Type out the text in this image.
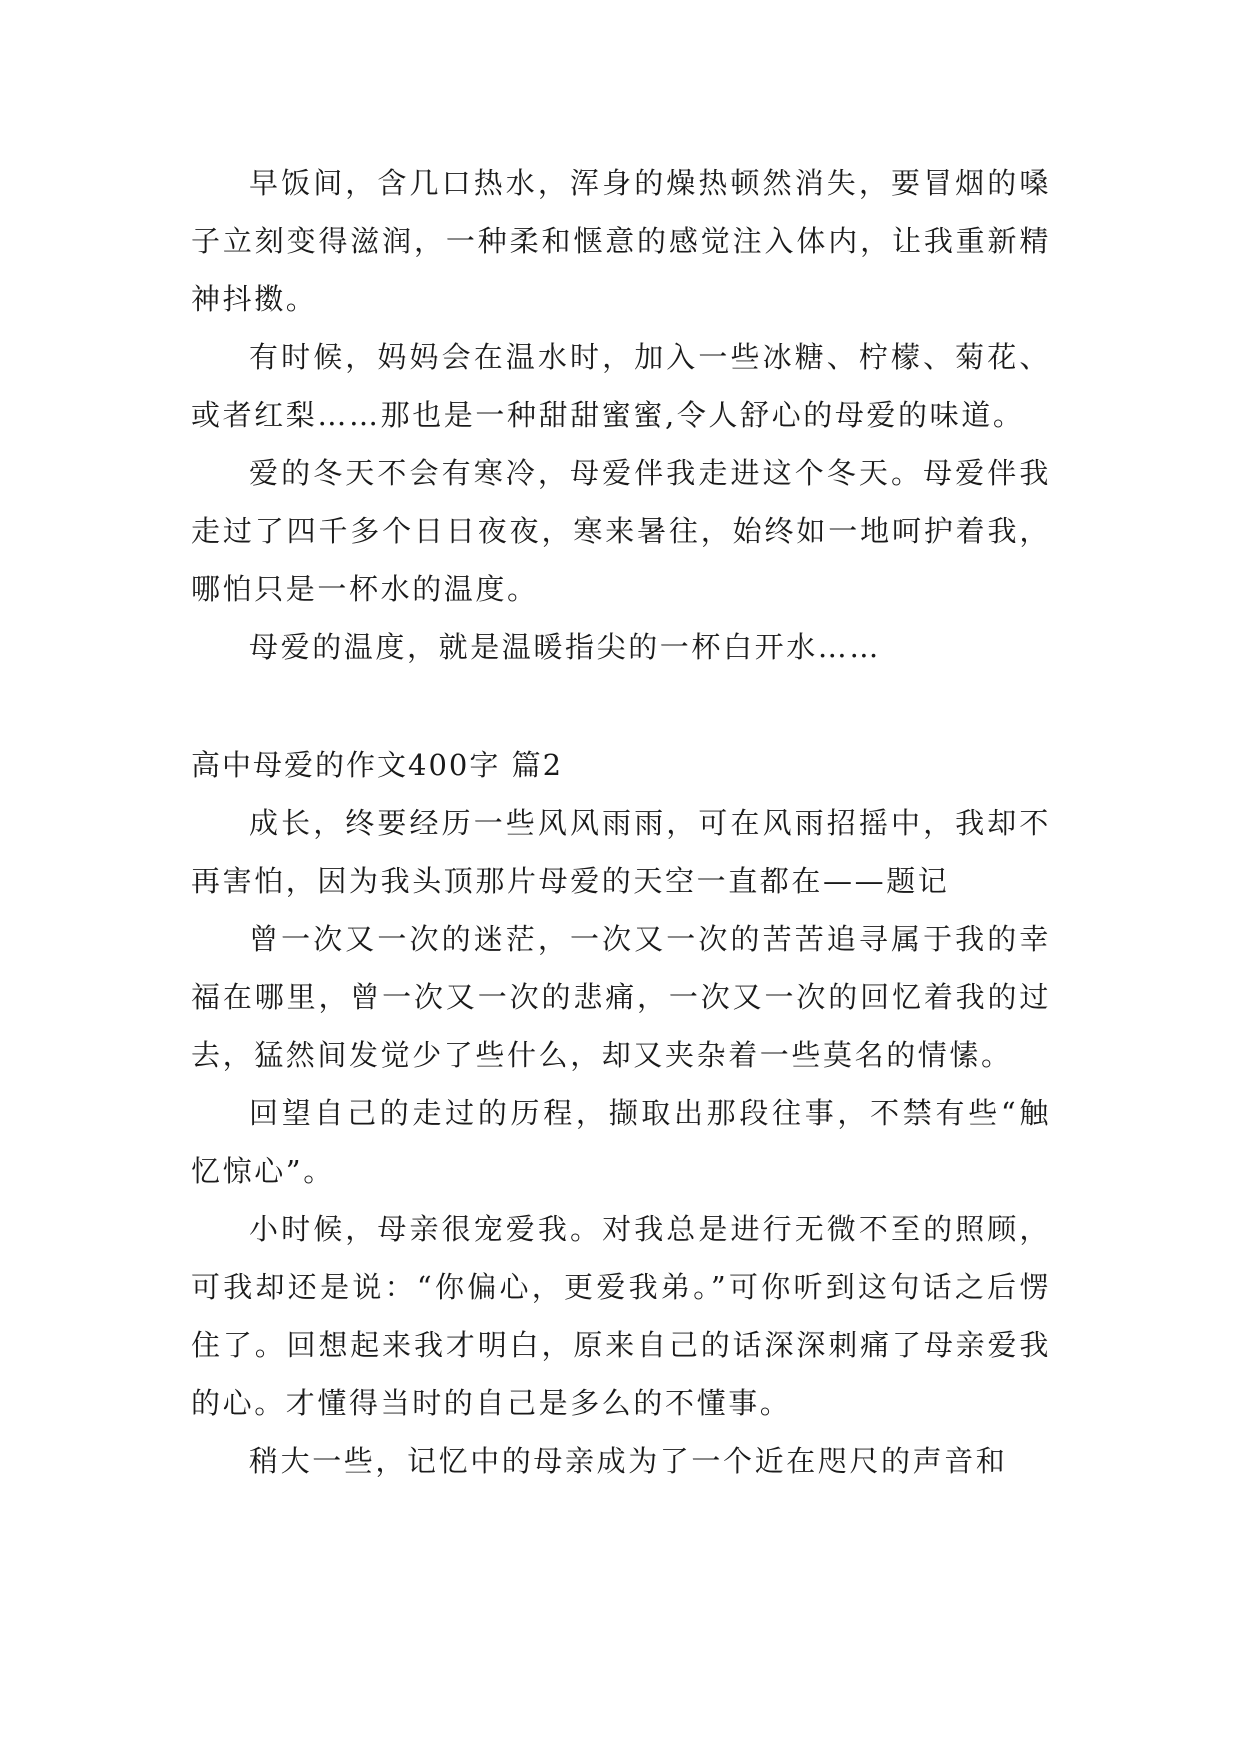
早饭间，含几口热水，浑身的燥热顿然消失，要冒烟的嗓子立刻变得滋润，一种柔和惬意的感觉注入体内，让我重新精神抖擞。

有时候，妈妈会在温水时，加入一些冰糖、柠檬、菊花、或者红梨……那也是一种甜甜蜜蜜,令人舒心的母爱的味道。

爱的冬天不会有寒冷，母爱伴我走进这个冬天。母爱伴我走过了四千多个日日夜夜，寒来暑往，始终如一地呵护着我，哪怕只是一杯水的温度。

母爱的温度，就是温暖指尖的一杯白开水……

高中母爱的作文400字 篇2

成长，终要经历一些风风雨雨，可在风雨招摇中，我却不再害怕，因为我头顶那片母爱的天空一直都在——题记

曾一次又一次的迷茫，一次又一次的苦苦追寻属于我的幸福在哪里，曾一次又一次的悲痛，一次又一次的回忆着我的过去，猛然间发觉少了些什么，却又夹杂着一些莫名的情愫。

回望自己的走过的历程，撷取出那段往事，不禁有些“触忆惊心”。

小时候，母亲很宠爱我。对我总是进行无微不至的照顾，可我却还是说：“你偏心，更爱我弟。”可你听到这句话之后愣住了。回想起来我才明白，原来自己的话深深刺痛了母亲爱我的心。才懂得当时的自己是多么的不懂事。

稍大一些，记忆中的母亲成为了一个近在咫尺的声音和
